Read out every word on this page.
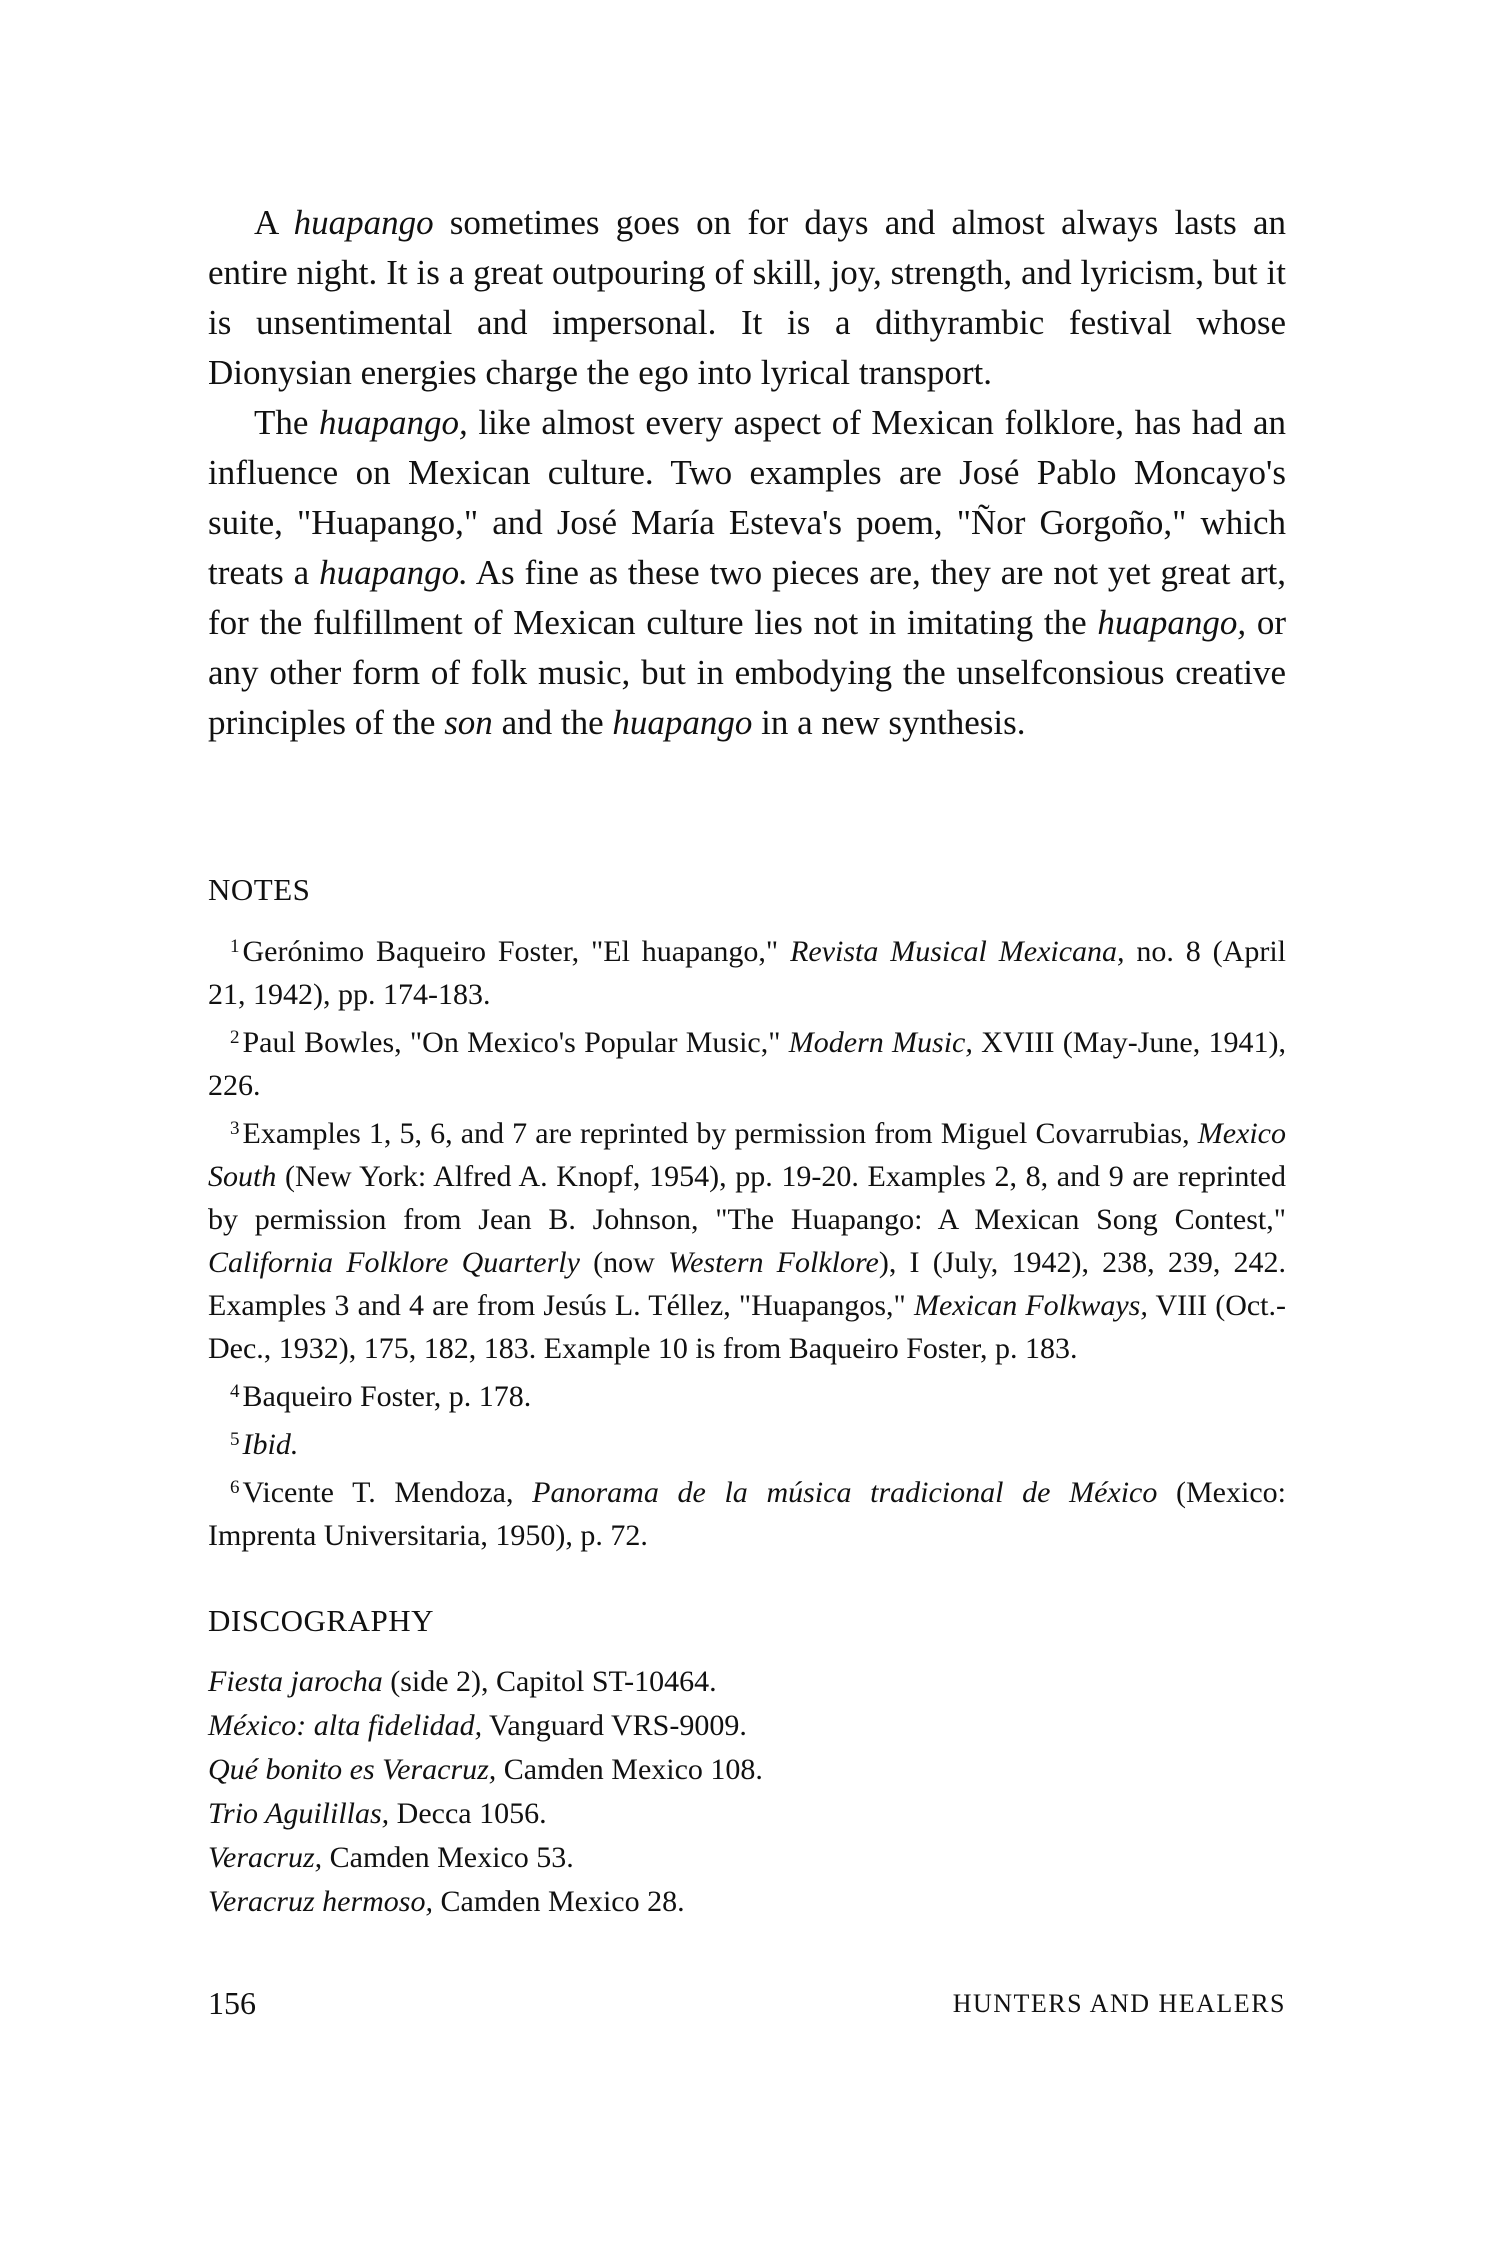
A huapango sometimes goes on for days and almost always lasts an entire night. It is a great outpouring of skill, joy, strength, and lyricism, but it is unsentimental and impersonal. It is a dithyrambic festival whose Dionysian energies charge the ego into lyrical transport.

The huapango, like almost every aspect of Mexican folklore, has had an influence on Mexican culture. Two examples are José Pablo Moncayo's suite, "Huapango," and José María Esteva's poem, "Ñor Gorgoño," which treats a huapango. As fine as these two pieces are, they are not yet great art, for the fulfillment of Mexican culture lies not in imitating the huapango, or any other form of folk music, but in embodying the unselfconsious creative principles of the son and the huapango in a new synthesis.

NOTES

$^1$ Gerónimo Baqueiro Foster, "El huapango," Revista Musical Mexicana, no. 8 (April 21, 1942), pp. 174-183.

$^2$ Paul Bowles, "On Mexico's Popular Music," Modern Music, XVIII (May-June, 1941), 226.

$^3$ Examples 1, 5, 6, and 7 are reprinted by permission from Miguel Covarrubias, Mexico South (New York: Alfred A. Knopf, 1954), pp. 19-20. Examples 2, 8, and 9 are reprinted by permission from Jean B. Johnson, "The Huapango: A Mexican Song Contest," California Folklore Quarterly (now Western Folklore), I (July, 1942), 238, 239, 242. Examples 3 and 4 are from Jesús L. Téllez, "Huapangos," Mexican Folkways, VIII (Oct.-Dec., 1932), 175, 182, 183. Example 10 is from Baqueiro Foster, p. 183.

$^4$ Baqueiro Foster, p. 178.

$^5$ Ibid.

$^6$ Vicente T. Mendoza, Panorama de la música tradicional de México (Mexico: Imprenta Universitaria, 1950), p. 72.

DISCOGRAPHY

Fiesta jarocha (side 2), Capitol ST-10464.

México: alta fidelidad, Vanguard VRS-9009.

Qué bonito es Veracruz, Camden Mexico 108.

Trio Aguilillas, Decca 1056.

Veracruz, Camden Mexico 53.

Veracruz hermoso, Camden Mexico 28.

156	HUNTERS AND HEALERS
